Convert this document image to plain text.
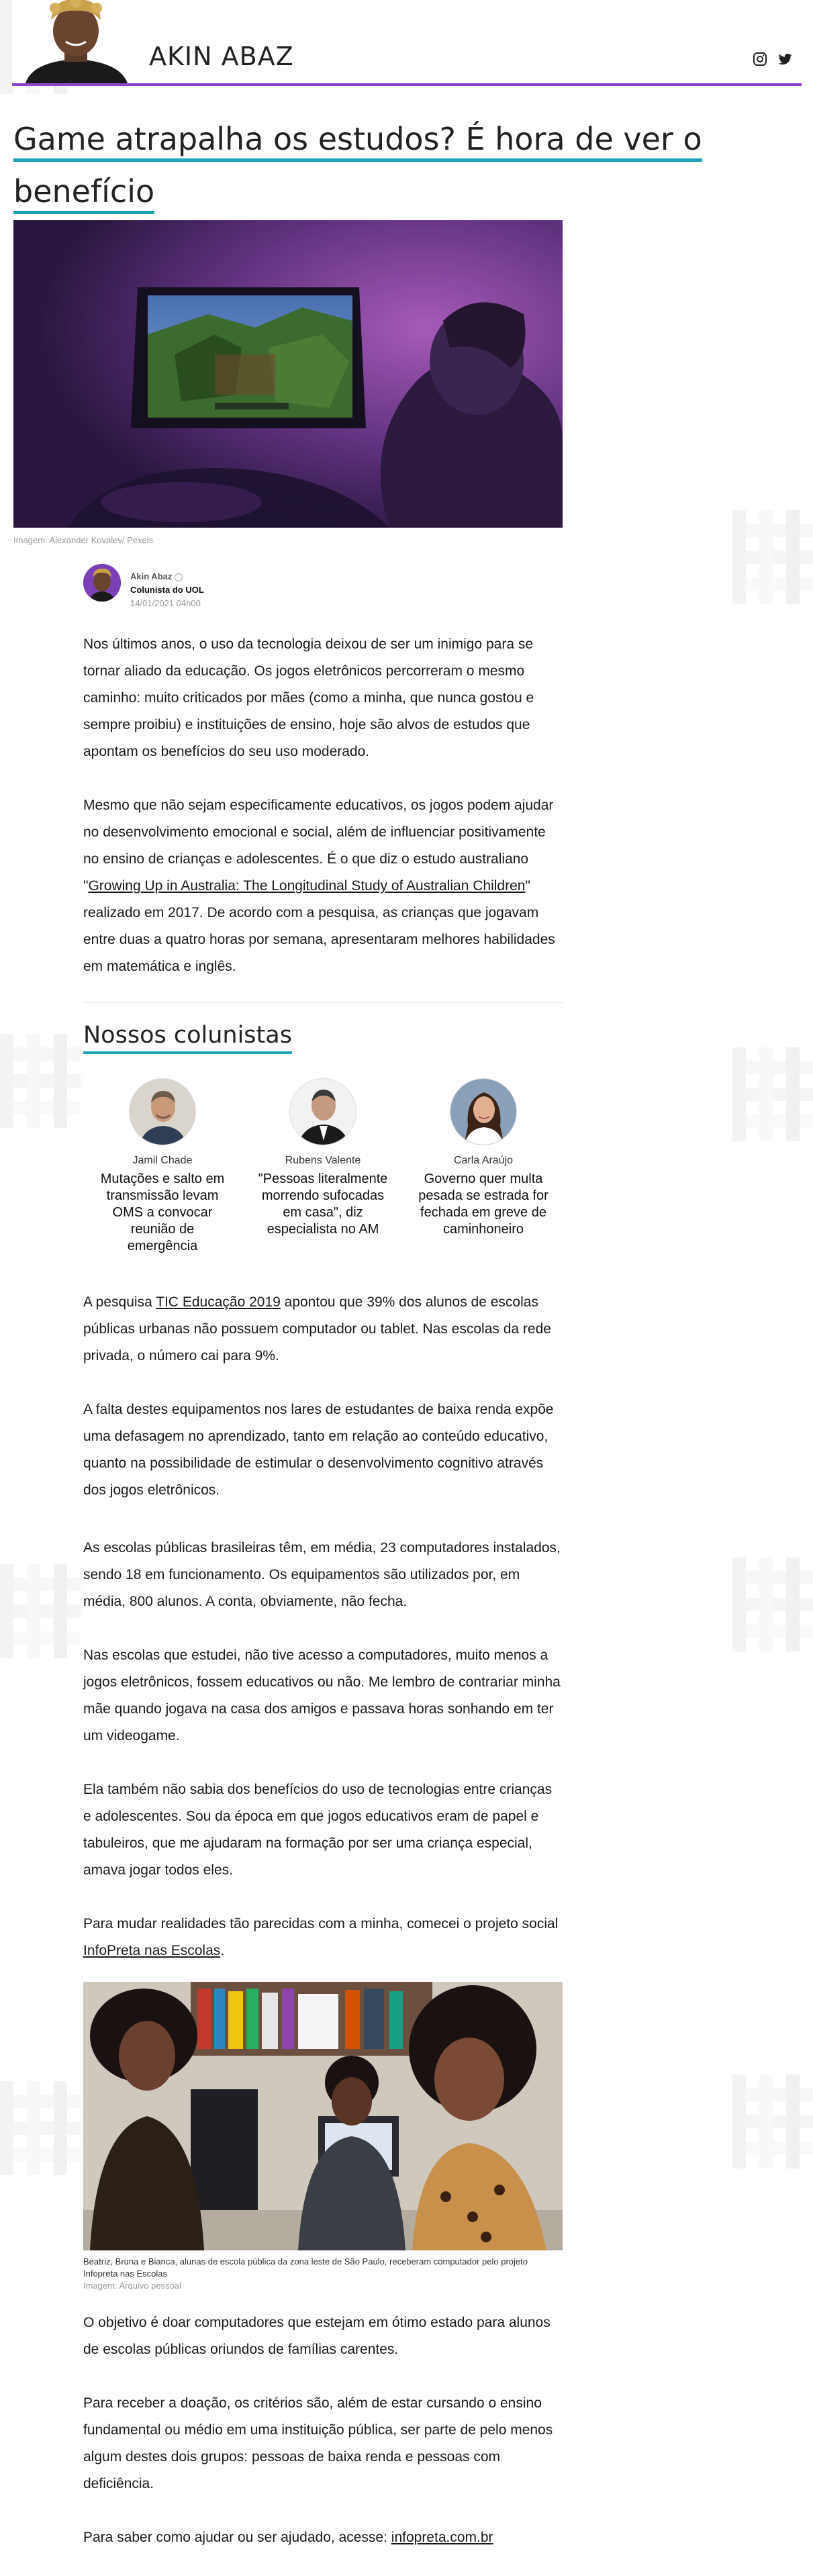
AKIN ABAZ
Game atrapalha os estudos? É hora de ver o benefício

Imagem: Alexander Kovalev/ Pexels
Akin Abaz
Colunista do UOL
14/01/2021 04h00

Nos últimos anos, o uso da tecnologia deixou de ser um inimigo para se tornar aliado da educação. Os jogos eletrônicos percorreram o mesmo caminho: muito criticados por mães (como a minha, que nunca gostou e sempre proibiu) e instituições de ensino, hoje são alvos de estudos que apontam os benefícios do seu uso moderado.

Mesmo que não sejam especificamente educativos, os jogos podem ajudar no desenvolvimento emocional e social, além de influenciar positivamente no ensino de crianças e adolescentes. É o que diz o estudo australiano "Growing Up in Australia: The Longitudinal Study of Australian Children" realizado em 2017. De acordo com a pesquisa, as crianças que jogavam entre duas a quatro horas por semana, apresentaram melhores habilidades em matemática e inglês.

Nossos colunistas
Jamil Chade
Mutações e salto em transmissão levam OMS a convocar reunião de emergência
Rubens Valente
"Pessoas literalmente morrendo sufocadas em casa", diz especialista no AM
Carla Araújo
Governo quer multa pesada se estrada for fechada em greve de caminhoneiro

A pesquisa TIC Educação 2019 apontou que 39% dos alunos de escolas públicas urbanas não possuem computador ou tablet. Nas escolas da rede privada, o número cai para 9%.

A falta destes equipamentos nos lares de estudantes de baixa renda expõe uma defasagem no aprendizado, tanto em relação ao conteúdo educativo, quanto na possibilidade de estimular o desenvolvimento cognitivo através dos jogos eletrônicos.

As escolas públicas brasileiras têm, em média, 23 computadores instalados, sendo 18 em funcionamento. Os equipamentos são utilizados por, em média, 800 alunos. A conta, obviamente, não fecha.

Nas escolas que estudei, não tive acesso a computadores, muito menos a jogos eletrônicos, fossem educativos ou não. Me lembro de contrariar minha mãe quando jogava na casa dos amigos e passava horas sonhando em ter um videogame.

Ela também não sabia dos benefícios do uso de tecnologias entre crianças e adolescentes. Sou da época em que jogos educativos eram de papel e tabuleiros, que me ajudaram na formação por ser uma criança especial, amava jogar todos eles.

Para mudar realidades tão parecidas com a minha, comecei o projeto social InfoPreta nas Escolas.

Beatriz, Bruna e Bianca, alunas de escola pública da zona leste de São Paulo, receberam computador pelo projeto Infopreta nas Escolas
Imagem: Arquivo pessoal

O objetivo é doar computadores que estejam em ótimo estado para alunos de escolas públicas oriundos de famílias carentes.

Para receber a doação, os critérios são, além de estar cursando o ensino fundamental ou médio em uma instituição pública, ser parte de pelo menos algum destes dois grupos: pessoas de baixa renda e pessoas com deficiência.

Para saber como ajudar ou ser ajudado, acesse: infopreta.com.br
